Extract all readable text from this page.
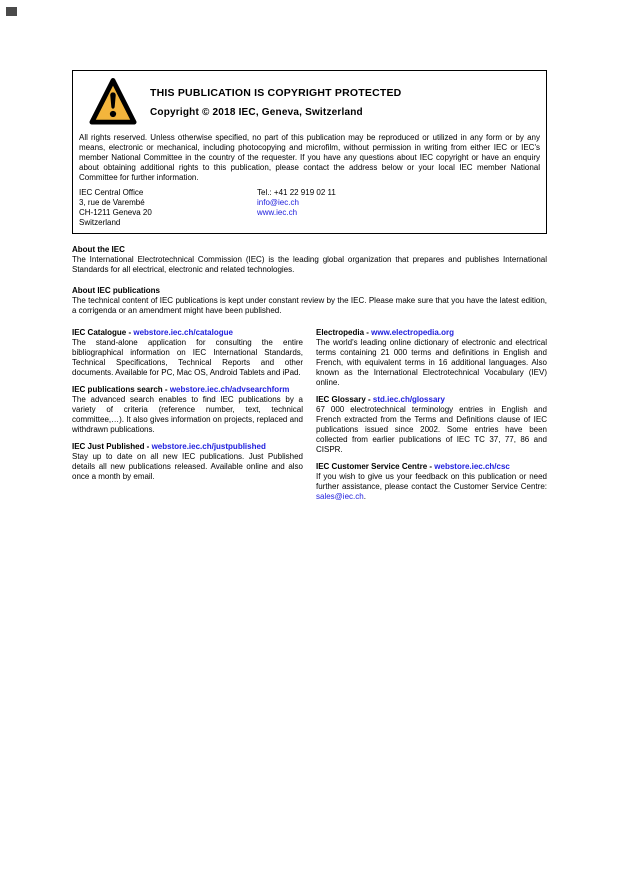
THIS PUBLICATION IS COPYRIGHT PROTECTED
Copyright © 2018 IEC, Geneva, Switzerland

All rights reserved. Unless otherwise specified, no part of this publication may be reproduced or utilized in any form or by any means, electronic or mechanical, including photocopying and microfilm, without permission in writing from either IEC or IEC's member National Committee in the country of the requester. If you have any questions about IEC copyright or have an enquiry about obtaining additional rights to this publication, please contact the address below or your local IEC member National Committee for further information.

IEC Central Office
3, rue de Varembé
CH-1211 Geneva 20
Switzerland
Tel.: +41 22 919 02 11
info@iec.ch
www.iec.ch
About the IEC
The International Electrotechnical Commission (IEC) is the leading global organization that prepares and publishes International Standards for all electrical, electronic and related technologies.
About IEC publications
The technical content of IEC publications is kept under constant review by the IEC. Please make sure that you have the latest edition, a corrigenda or an amendment might have been published.
IEC Catalogue - webstore.iec.ch/catalogue
The stand-alone application for consulting the entire bibliographical information on IEC International Standards, Technical Specifications, Technical Reports and other documents. Available for PC, Mac OS, Android Tablets and iPad.
IEC publications search - webstore.iec.ch/advsearchform
The advanced search enables to find IEC publications by a variety of criteria (reference number, text, technical committee,…). It also gives information on projects, replaced and withdrawn publications.
IEC Just Published - webstore.iec.ch/justpublished
Stay up to date on all new IEC publications. Just Published details all new publications released. Available online and also once a month by email.
Electropedia - www.electropedia.org
The world's leading online dictionary of electronic and electrical terms containing 21 000 terms and definitions in English and French, with equivalent terms in 16 additional languages. Also known as the International Electrotechnical Vocabulary (IEV) online.
IEC Glossary - std.iec.ch/glossary
67 000 electrotechnical terminology entries in English and French extracted from the Terms and Definitions clause of IEC publications issued since 2002. Some entries have been collected from earlier publications of IEC TC 37, 77, 86 and CISPR.
IEC Customer Service Centre - webstore.iec.ch/csc
If you wish to give us your feedback on this publication or need further assistance, please contact the Customer Service Centre: sales@iec.ch.
